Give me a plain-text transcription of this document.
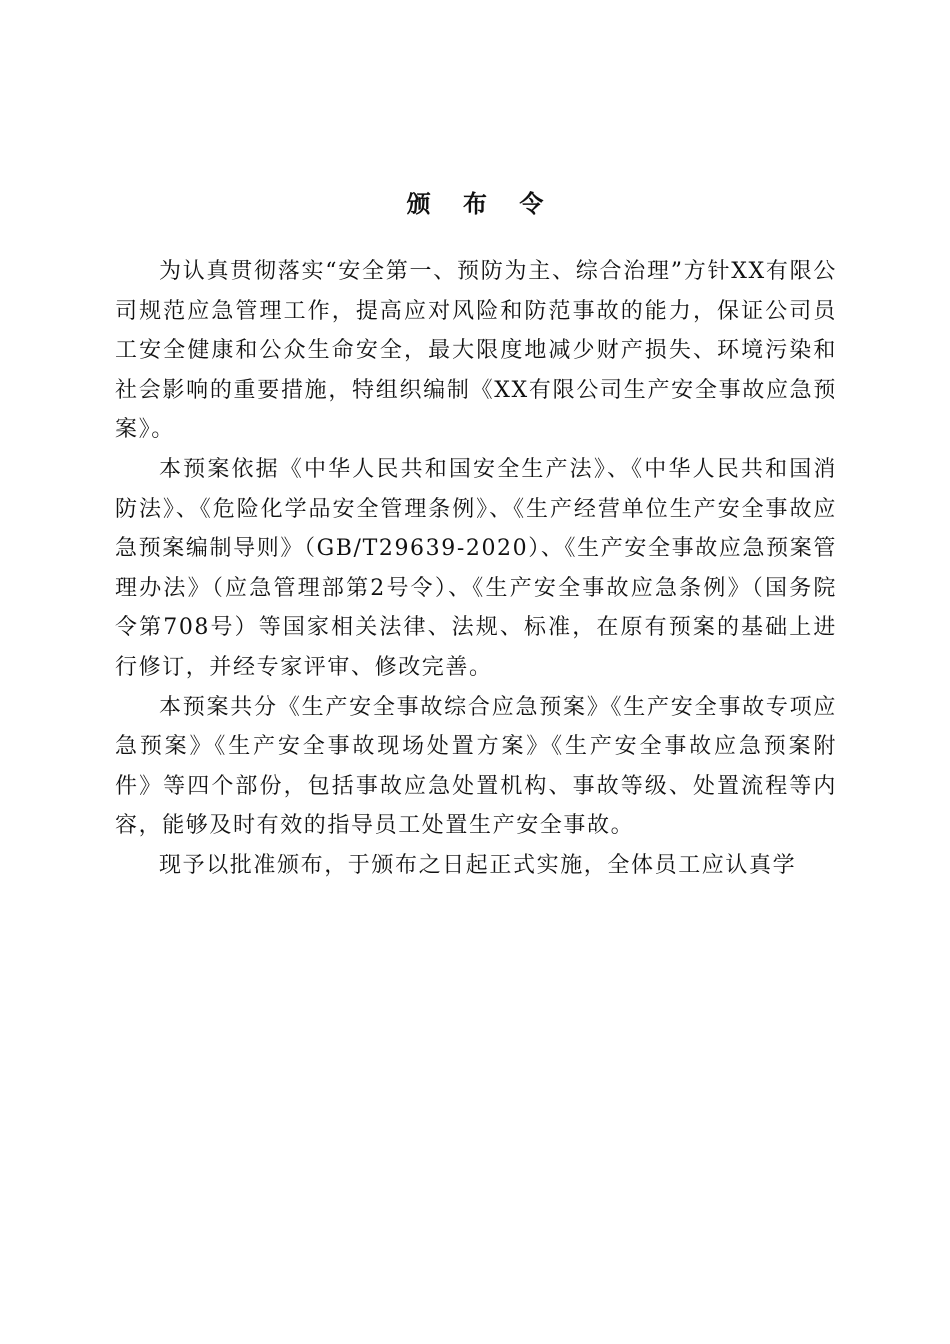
颁 布 令

为认真贯彻落实“安全第一、预防为主、综合治理”方针XX有限公司规范应急管理工作，提高应对风险和防范事故的能力，保证公司员工安全健康和公众生命安全，最大限度地减少财产损失、环境污染和社会影响的重要措施，特组织编制《XX有限公司生产安全事故应急预案》。

本预案依据《中华人民共和国安全生产法》、《中华人民共和国消防法》、《危险化学品安全管理条例》、《生产经营单位生产安全事故应急预案编制导则》（GB/T29639-2020）、《生产安全事故应急预案管理办法》（应急管理部第2号令）、《生产安全事故应急条例》（国务院令第708号）等国家相关法律、法规、标准，在原有预案的基础上进行修订，并经专家评审、修改完善。

本预案共分《生产安全事故综合应急预案》《生产安全事故专项应急预案》《生产安全事故现场处置方案》《生产安全事故应急预案附件》等四个部份，包括事故应急处置机构、事故等级、处置流程等内容，能够及时有效的指导员工处置生产安全事故。

现予以批准颁布，于颁布之日起正式实施，全体员工应认真学
